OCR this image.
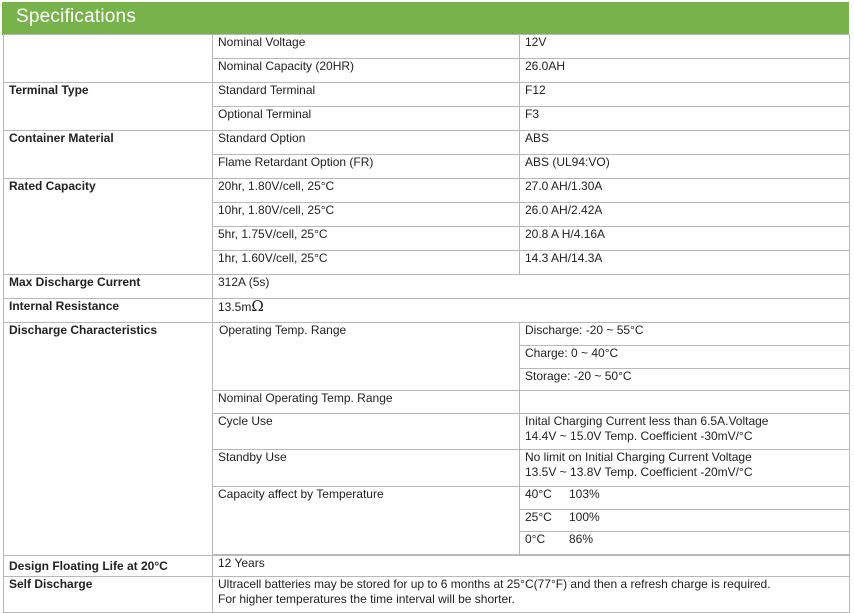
Specifications
	Nominal Voltage	12V
	Nominal Capacity (20HR)	26.0AH
Terminal Type	Standard Terminal	F12
	Optional Terminal	F3
Container Material	Standard Option	ABS
	Flame Retardant Option (FR)	ABS (UL94:VO)
Rated Capacity	20hr, 1.80V/cell, 25°C	27.0 AH/1.30A
	10hr, 1.80V/cell, 25°C	26.0 AH/2.42A
	5hr, 1.75V/cell, 25°C	20.8 A H/4.16A
	1hr, 1.60V/cell, 25°C	14.3 AH/14.3A
Max Discharge Current	312A (5s)	
Internal Resistance	13.5mΩ	
Discharge Characteristics	Operating Temp. Range	Discharge: -20 ~ 55°C
		Charge: 0 ~ 40°C
		Storage: -20 ~ 50°C
	Nominal Operating Temp. Range	
	Cycle Use	Inital Charging Current less than 6.5A.Voltage
14.4V ~ 15.0V Temp. Coefficient -30mV/°C

	Standby Use	No limit on Initial Charging Current Voltage
13.5V ~ 13.8V Temp. Coefficient -20mV/°C

	Capacity affect by Temperature	40°C 103%
		25°C 100%
		0°C 86%

Design Floating Life at 20°C	12 Years	
Self Discharge	Ultracell batteries may be stored for up to 6 months at 25°C(77°F) and then a refresh charge is required.
For higher temperatures the time interval will be shorter.	
